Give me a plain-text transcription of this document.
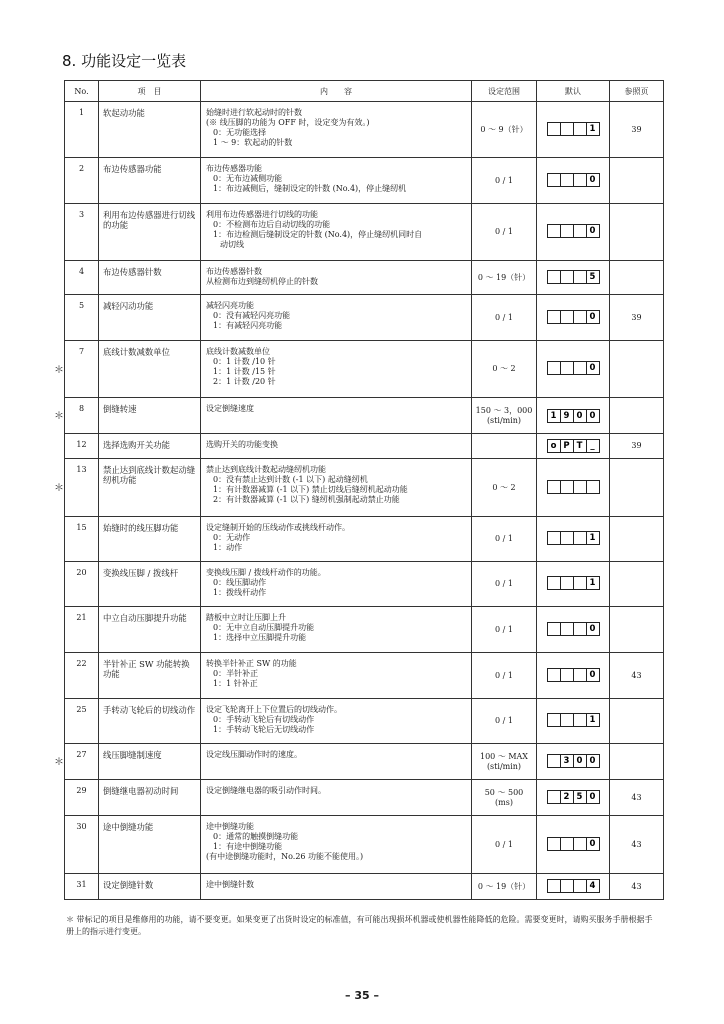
8. 功能设定一览表
No.	项　目	内　　容	设定范围	默认	参照页
1	软起动功能	始缝时进行软起动时的针数
(※ 线压脚的功能为 OFF 时，设定变为有效。)
0：无功能选择
1 ～ 9：软起动的针数	0 ～ 9（针）	1	39
2	布边传感器功能	布边传感器功能
0：无布边减侧功能
1：布边减侧后，缝制设定的针数 (No.4)，停止缝纫机	0 / 1	0	

3	利用布边传感器进行切线的功能	利用布边传感器进行切线的功能
0：不检测布边后自动切线的功能
1：布边检测后缝制设定的针数 (No.4)，停止缝纫机同时自
动切线	0 / 1	0	

4	布边传感器针数	布边传感器针数
从检测布边到缝纫机停止的针数	0 ～ 19（针）	5	

5	减轻闪动功能	减轻闪亮功能
0：没有减轻闪亮功能
1：有减轻闪亮功能	0 / 1	0	39
7	底线计数减数单位	底线计数减数单位
0：1 计数 /10 针
1：1 计数 /15 针
2：1 计数 /20 针	0 ～ 2	0	

8	倒缝转速	设定倒缝速度	150 ～ 3，000
(sti/min)	1 9 0 0	

12	选择选购开关功能	选购开关的功能变换		o P T _	39
13	禁止达到底线计数起动缝纫机功能	禁止达到底线计数起动缝纫机功能
0：没有禁止达到计数 (-1 以下) 起动缝纫机
1：有计数器减算 (-1 以下) 禁止切线后缝纫机起动功能
2：有计数器减算 (-1 以下) 缝纫机强制起动禁止功能	0 ～ 2	

15	始缝时的线压脚功能	设定缝制开始的压线动作或挑线杆动作。
0：无动作
1：动作	0 / 1	1	

20	变换线压脚 / 拨线杆	变换线压脚 / 拨线杆动作的功能。
0：线压脚动作
1：拨线杆动作	0 / 1	1	

21	中立自动压脚提升功能	踏板中立时让压脚上升
0：无中立自动压脚提升功能
1：选择中立压脚提升功能	0 / 1	0	

22	半针补正 SW 功能转换功能	转换半针补正 SW 的功能
0：半针补正
1：1 针补正	0 / 1	0	43
25	手转动飞轮后的切线动作	设定飞轮离开上下位置后的切线动作。
0：手转动飞轮后有切线动作
1：手转动飞轮后无切线动作	0 / 1	1	

27	线压脚缝制速度	设定线压脚动作时的速度。	100 ～ MAX
(sti/min)	3 0 0	

29	倒缝继电器初动时间	设定倒缝继电器的吸引动作时间。	50 ～ 500
(ms)	2 5 0	43
30	途中倒缝功能	途中倒缝功能
0：通常的触摸倒缝功能
1：有途中倒缝功能
(有中途倒缝功能时，No.26 功能不能使用。)	0 / 1	0	43
31	设定倒缝针数	途中倒缝针数	0 ～ 19（针）	4	43
＊
＊
＊
＊
＊ 带标记的项目是维修用的功能，请不要变更。如果变更了出货时设定的标准值，有可能出现损坏机器或使机器性能降低的危险。需要变更时，请购买服务手册根据手册上的指示进行变更。
– 35 –
